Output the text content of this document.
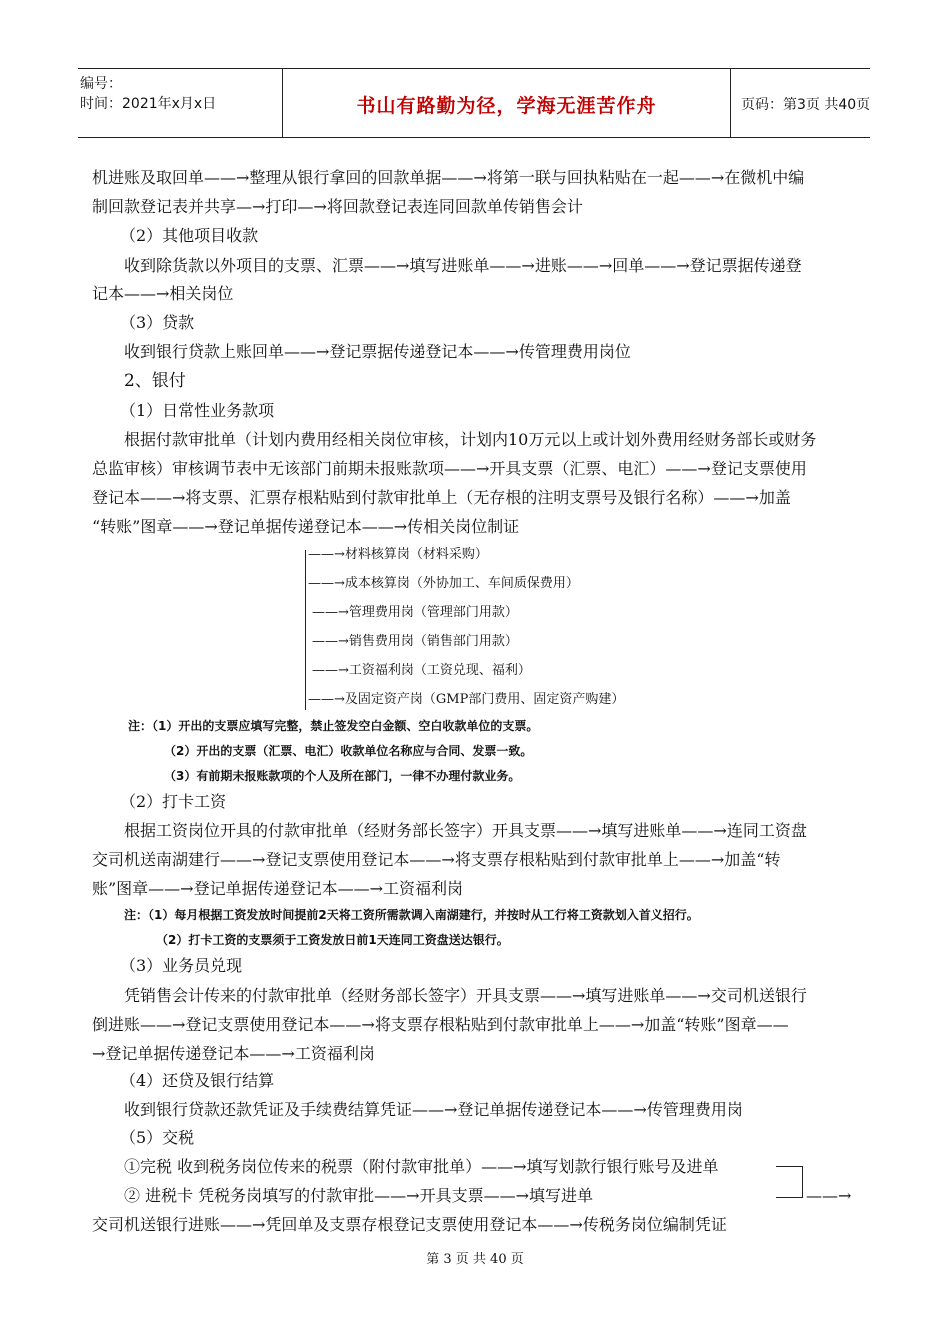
编号：
时间：2021年x月x日	书山有路勤为径，学海无涯苦作舟	页码：第3页 共40页
机进账及取回单——→整理从银行拿回的回款单据——→将第一联与回执粘贴在一起——→在微机中编
制回款登记表并共享—→打印—→将回款登记表连同回款单传销售会计
（2）其他项目收款
收到除货款以外项目的支票、汇票——→填写进账单——→进账——→回单——→登记票据传递登
记本——→相关岗位
（3）贷款
收到银行贷款上账回单——→登记票据传递登记本——→传管理费用岗位
2、银付
（1）日常性业务款项
根据付款审批单（计划内费用经相关岗位审核，计划内10万元以上或计划外费用经财务部长或财务
总监审核）审核调节表中无该部门前期未报账款项——→开具支票（汇票、电汇）——→登记支票使用
登记本——→将支票、汇票存根粘贴到付款审批单上（无存根的注明支票号及银行名称）——→加盖
“转账”图章——→登记单据传递登记本——→传相关岗位制证
——→材料核算岗（材料采购）
——→成本核算岗（外协加工、车间质保费用）
——→管理费用岗（管理部门用款）
——→销售费用岗（销售部门用款）
——→工资福利岗（工资兑现、福利）
——→及固定资产岗（GMP部门费用、固定资产购建）
注：（1）开出的支票应填写完整，禁止签发空白金额、空白收款单位的支票。
（2）开出的支票（汇票、电汇）收款单位名称应与合同、发票一致。
（3）有前期未报账款项的个人及所在部门，一律不办理付款业务。
（2）打卡工资
根据工资岗位开具的付款审批单（经财务部长签字）开具支票——→填写进账单——→连同工资盘
交司机送南湖建行——→登记支票使用登记本——→将支票存根粘贴到付款审批单上——→加盖“转
账”图章——→登记单据传递登记本——→工资福利岗
注：（1）每月根据工资发放时间提前2天将工资所需款调入南湖建行，并按时从工行将工资款划入首义招行。
（2）打卡工资的支票须于工资发放日前1天连同工资盘送达银行。
（3）业务员兑现
凭销售会计传来的付款审批单（经财务部长签字）开具支票——→填写进账单——→交司机送银行
倒进账——→登记支票使用登记本——→将支票存根粘贴到付款审批单上——→加盖“转账”图章——
→登记单据传递登记本——→工资福利岗
（4）还贷及银行结算
收到银行贷款还款凭证及手续费结算凭证——→登记单据传递登记本——→传管理费用岗
（5）交税
①完税 收到税务岗位传来的税票（附付款审批单）——→填写划款行银行账号及进单
② 进税卡 凭税务岗填写的付款审批——→开具支票——→填写进单	——→
交司机送银行进账——→凭回单及支票存根登记支票使用登记本——→传税务岗位编制凭证
第 3 页 共 40 页
